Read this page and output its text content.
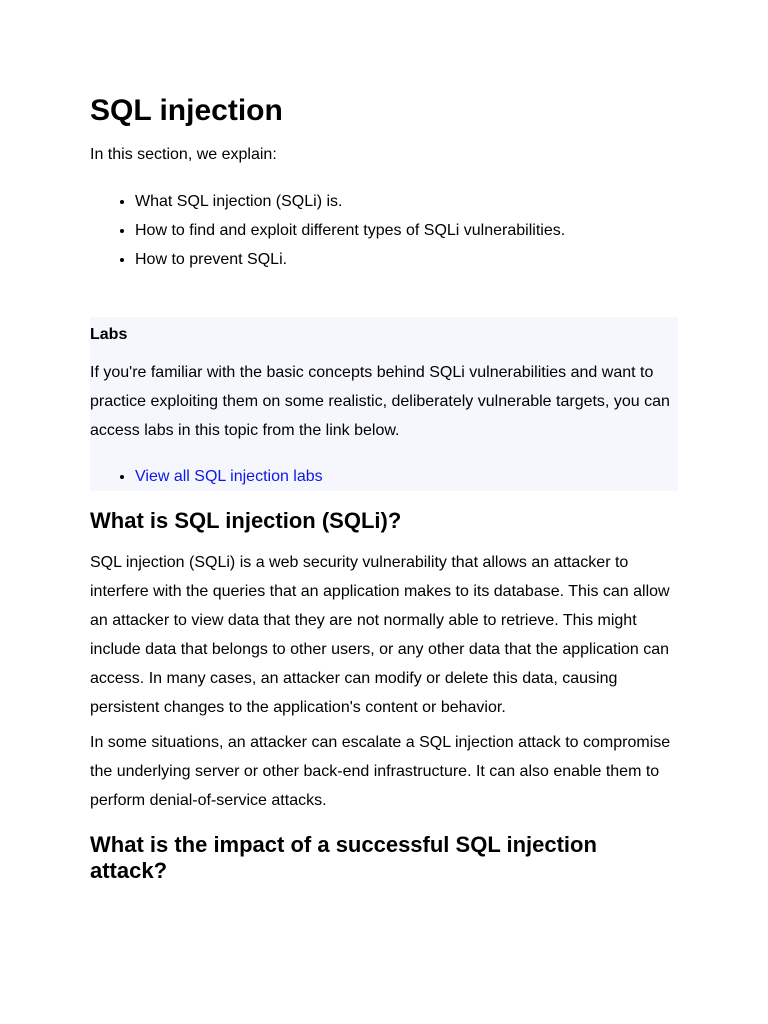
SQL injection

In this section, we explain:

• What SQL injection (SQLi) is.
• How to find and exploit different types of SQLi vulnerabilities.
• How to prevent SQLi.
Labs

If you're familiar with the basic concepts behind SQLi vulnerabilities and want to practice exploiting them on some realistic, deliberately vulnerable targets, you can access labs in this topic from the link below.

• View all SQL injection labs
What is SQL injection (SQLi)?

SQL injection (SQLi) is a web security vulnerability that allows an attacker to interfere with the queries that an application makes to its database. This can allow an attacker to view data that they are not normally able to retrieve. This might include data that belongs to other users, or any other data that the application can access. In many cases, an attacker can modify or delete this data, causing persistent changes to the application's content or behavior.

In some situations, an attacker can escalate a SQL injection attack to compromise the underlying server or other back-end infrastructure. It can also enable them to perform denial-of-service attacks.

What is the impact of a successful SQL injection attack?
